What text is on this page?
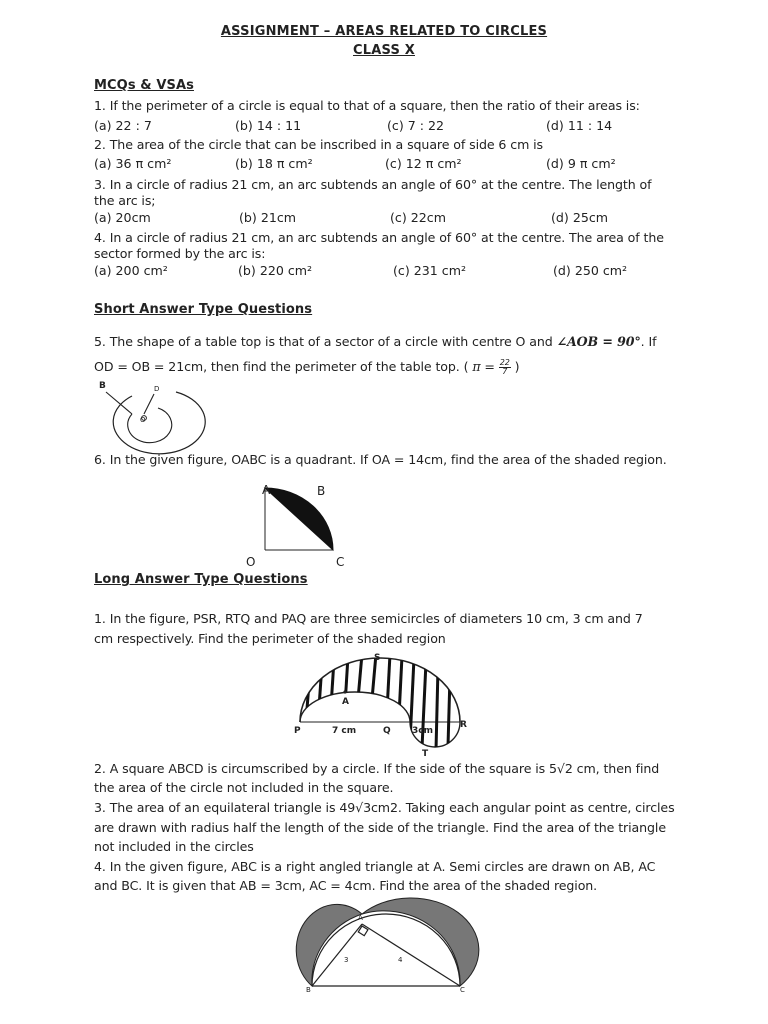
ASSIGNMENT – AREAS RELATED TO CIRCLES
CLASS X
MCQs & VSAs
1. If the perimeter of a circle is equal to that of a square, then the ratio of their areas is:
(a) 22 : 7	(b) 14 : 11	(c) 7 : 22	(d) 11 : 14
2. The area of the circle that can be inscribed in a square of side 6 cm is
(a) 36 π cm²	(b) 18 π cm²	(c) 12 π cm²	(d) 9 π cm²
3. In a circle of radius 21 cm, an arc subtends an angle of 60° at the centre. The length of
the arc is;
(a) 20cm	(b) 21cm	(c) 22cm	(d) 25cm
4. In a circle of radius 21 cm, an arc subtends an angle of 60° at the centre. The area of the
sector formed by the arc is:
(a) 200 cm²	(b) 220 cm²	(c) 231 cm²	(d) 250 cm²
Short Answer Type Questions
5. The shape of a table top is that of a sector of a circle with centre O and ∠AOB = 90°. If
OD = OB = 21cm, then find the perimeter of the table top. ( $\pi = \frac{22}{7}$ )
B	D
O
6. In the given figure, OABC is a quadrant. If OA = 14cm, find the area of the shaded region.
A	B
O	C
Long Answer Type Questions
1. In the figure, PSR, RTQ and PAQ are three semicircles of diameters 10 cm, 3 cm and 7
cm respectively. Find the perimeter of the shaded region
S
A
P	7 cm	Q 3cm
R
T
2. A square ABCD is circumscribed by a circle. If the side of the square is 5√2 cm, then find
the area of the circle not included in the square.
3. The area of an equilateral triangle is 49√3cm2. Taking each angular point as centre, circles
are drawn with radius half the length of the side of the triangle. Find the area of the triangle
not included in the circles
4. In the given figure, ABC is a right angled triangle at A. Semi circles are drawn on AB, AC
and BC. It is given that AB = 3cm, AC = 4cm. Find the area of the shaded region.
A
B	C
3	4
